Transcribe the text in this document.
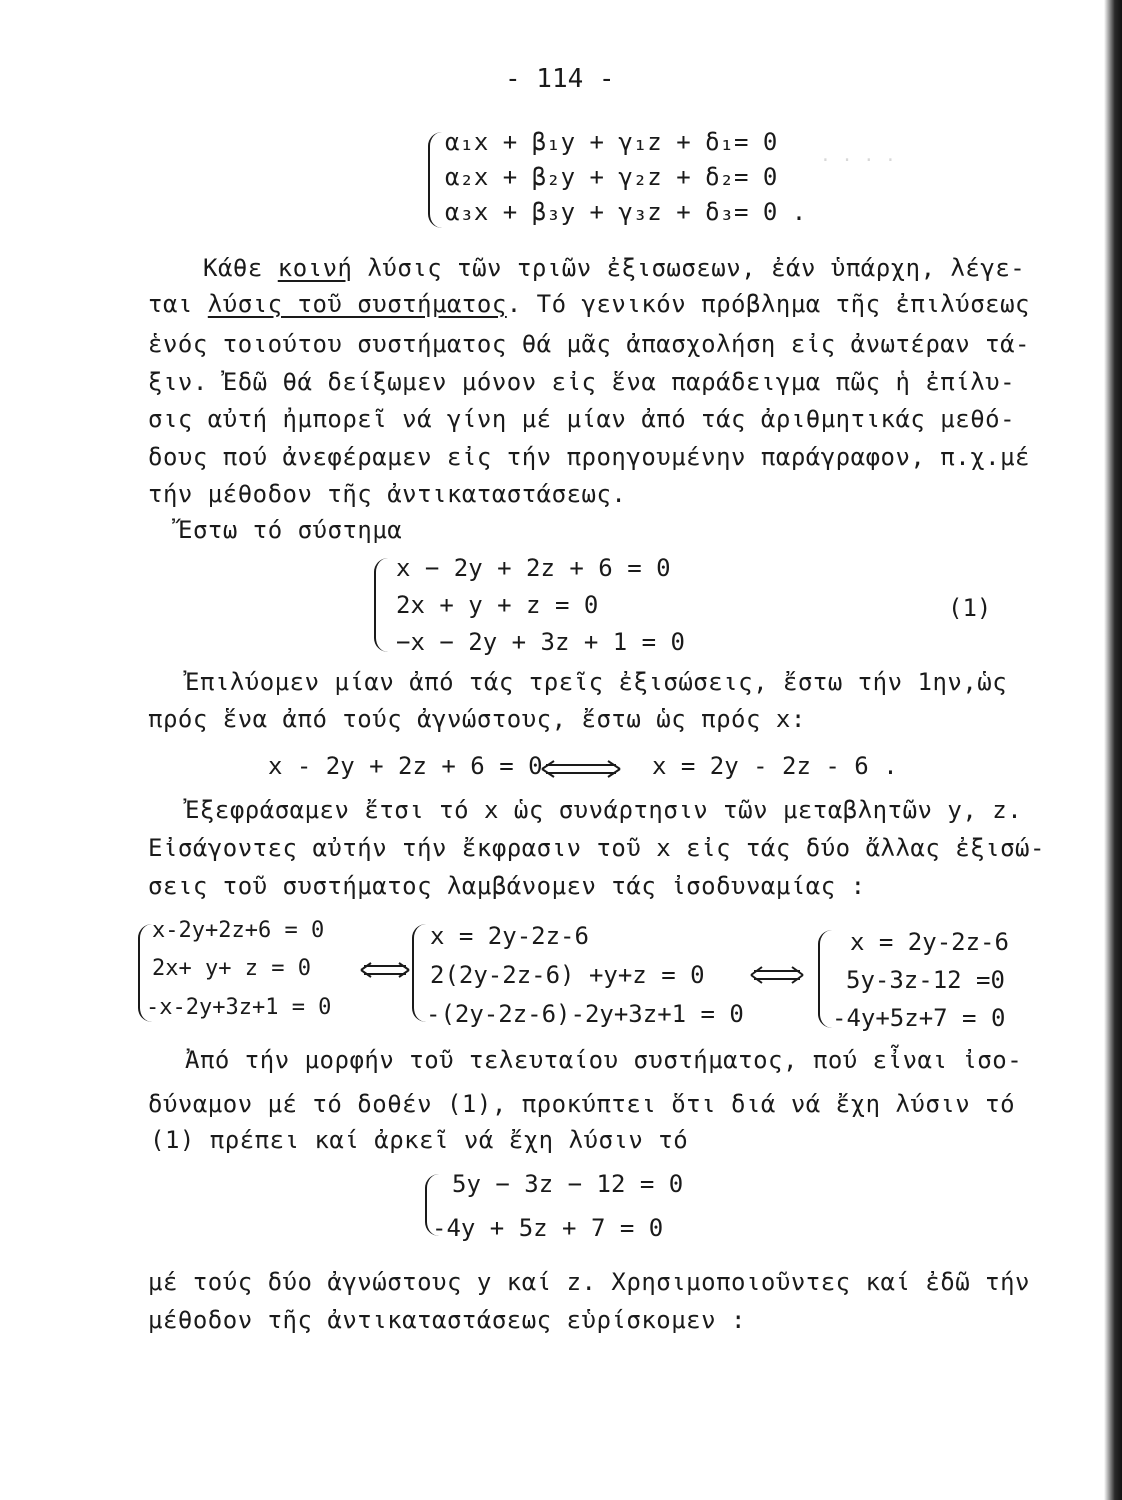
· · · ·
- 114 -
α₁x + β₁y + γ₁z + δ₁= 0
α₂x + β₂y + γ₂z + δ₂= 0
α₃x + β₃y + γ₃z + δ₃= 0 .
Κάθε κοινή λύσις τῶν τριῶν ἐξισωσεων, ἐάν ὑπάρχη, λέγε-
ται λύσις τοῦ συστήματος. Τό γενικόν πρόβλημα τῆς ἐπιλύσεως
ἑνός τοιούτου συστήματος θά μᾶς ἀπασχολήση εἰς ἀνωτέραν τά-
ξιν. Ἐδῶ θά δείξωμεν μόνον εἰς ἕνα παράδειγμα πῶς ἡ ἐπίλυ-
σις αὐτή ἠμπορεῖ νά γίνη μέ μίαν ἀπό τάς ἀριθμητικάς μεθό-
δους πού ἀνεφέραμεν εἰς τήν προηγουμένην παράγραφον, π.χ.μέ
τήν μέθοδον τῆς ἀντικαταστάσεως.
Ἔστω τό σύστημα
x − 2y + 2z + 6 = 0
2x + y + z = 0
−x − 2y + 3z + 1 = 0
(1)
Ἐπιλύομεν μίαν ἀπό τάς τρεῖς ἐξισώσεις, ἔστω τήν 1ην,ὡς
πρός ἕνα ἀπό τούς ἀγνώστους, ἔστω ὡς πρός x:
x - 2y + 2z + 6 = 0	x = 2y - 2z - 6 .
Ἐξεφράσαμεν ἔτσι τό x ὡς συνάρτησιν τῶν μεταβλητῶν y, z.
Εἰσάγοντες αὐτήν τήν ἔκφρασιν τοῦ x εἰς τάς δύο ἄλλας ἐξισώ-
σεις τοῦ συστήματος λαμβάνομεν τάς ἰσοδυναμίας :
x-2y+2z+6 = 0
2x+ y+ z = 0
-x-2y+3z+1 = 0
x = 2y-2z-6
2(2y-2z-6) +y+z = 0
-(2y-2z-6)-2y+3z+1 = 0
x = 2y-2z-6
5y-3z-12 =0
-4y+5z+7 = 0
Ἀπό τήν μορφήν τοῦ τελευταίου συστήματος, πού εἶναι ἰσο-
δύναμον μέ τό δοθέν (1), προκύπτει ὅτι διά νά ἔχη λύσιν τό
(1) πρέπει καί ἀρκεῖ νά ἔχη λύσιν τό
5y − 3z − 12 = 0
-4y + 5z + 7 = 0
μέ τούς δύο ἀγνώστους y καί z. Χρησιμοποιοῦντες καί ἐδῶ τήν
μέθοδον τῆς ἀντικαταστάσεως εὑρίσκομεν :
